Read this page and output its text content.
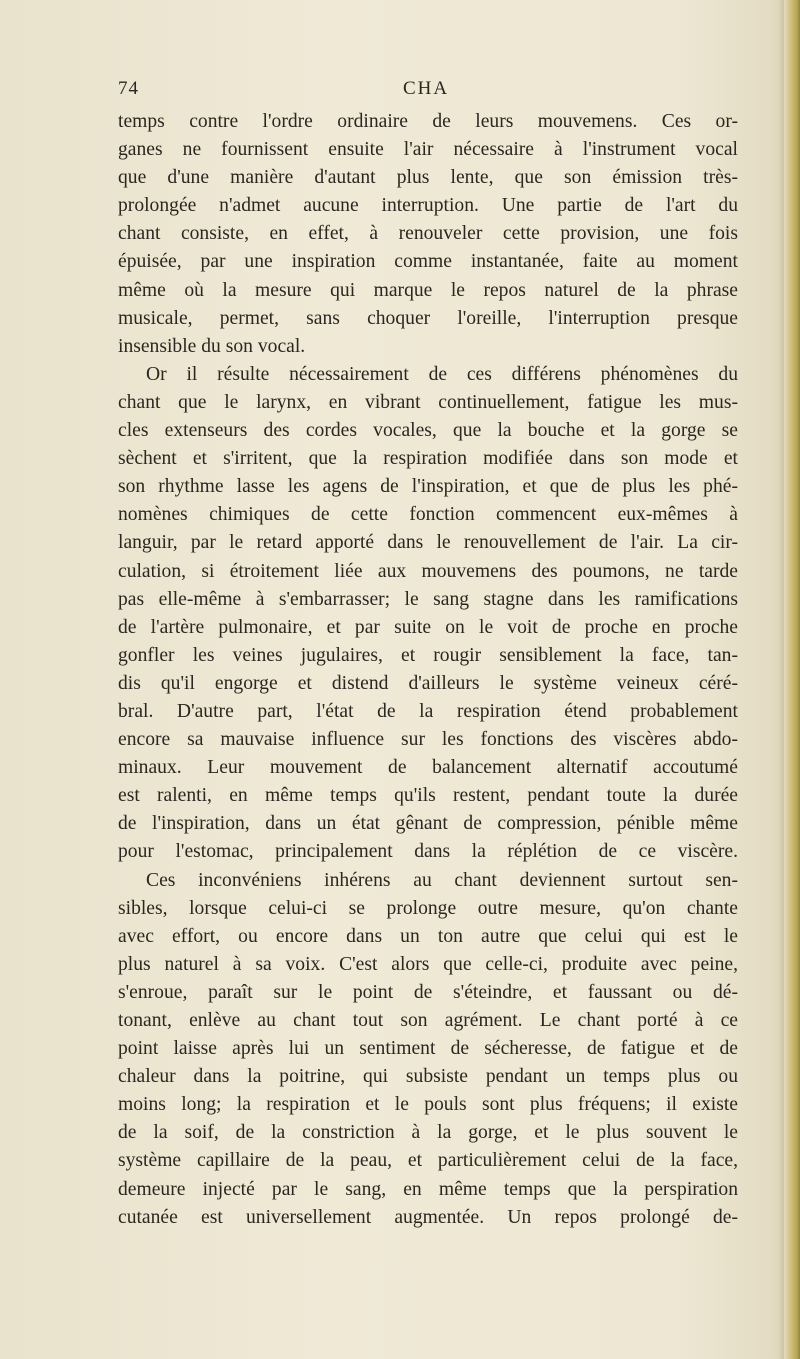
74	CHA
temps contre l'ordre ordinaire de leurs mouvemens. Ces or-
ganes ne fournissent ensuite l'air nécessaire à l'instrument vocal
que d'une manière d'autant plus lente, que son émission très-
prolongée n'admet aucune interruption. Une partie de l'art du
chant consiste, en effet, à renouveler cette provision, une fois
épuisée, par une inspiration comme instantanée, faite au moment
même où la mesure qui marque le repos naturel de la phrase
musicale, permet, sans choquer l'oreille, l'interruption presque
insensible du son vocal.
Or il résulte nécessairement de ces différens phénomènes du
chant que le larynx, en vibrant continuellement, fatigue les mus-
cles extenseurs des cordes vocales, que la bouche et la gorge se
sèchent et s'irritent, que la respiration modifiée dans son mode et
son rhythme lasse les agens de l'inspiration, et que de plus les phé-
nomènes chimiques de cette fonction commencent eux-mêmes à
languir, par le retard apporté dans le renouvellement de l'air. La cir-
culation, si étroitement liée aux mouvemens des poumons, ne tarde
pas elle-même à s'embarrasser; le sang stagne dans les ramifications
de l'artère pulmonaire, et par suite on le voit de proche en proche
gonfler les veines jugulaires, et rougir sensiblement la face, tan-
dis qu'il engorge et distend d'ailleurs le système veineux céré-
bral. D'autre part, l'état de la respiration étend probablement
encore sa mauvaise influence sur les fonctions des viscères abdo-
minaux. Leur mouvement de balancement alternatif accoutumé
est ralenti, en même temps qu'ils restent, pendant toute la durée
de l'inspiration, dans un état gênant de compression, pénible même
pour l'estomac, principalement dans la réplétion de ce viscère.
Ces inconvéniens inhérens au chant deviennent surtout sen-
sibles, lorsque celui-ci se prolonge outre mesure, qu'on chante
avec effort, ou encore dans un ton autre que celui qui est le
plus naturel à sa voix. C'est alors que celle-ci, produite avec peine,
s'enroue, paraît sur le point de s'éteindre, et faussant ou dé-
tonant, enlève au chant tout son agrément. Le chant porté à ce
point laisse après lui un sentiment de sécheresse, de fatigue et de
chaleur dans la poitrine, qui subsiste pendant un temps plus ou
moins long; la respiration et le pouls sont plus fréquens; il existe
de la soif, de la constriction à la gorge, et le plus souvent le
système capillaire de la peau, et particulièrement celui de la face,
demeure injecté par le sang, en même temps que la perspiration
cutanée est universellement augmentée. Un repos prolongé de-
